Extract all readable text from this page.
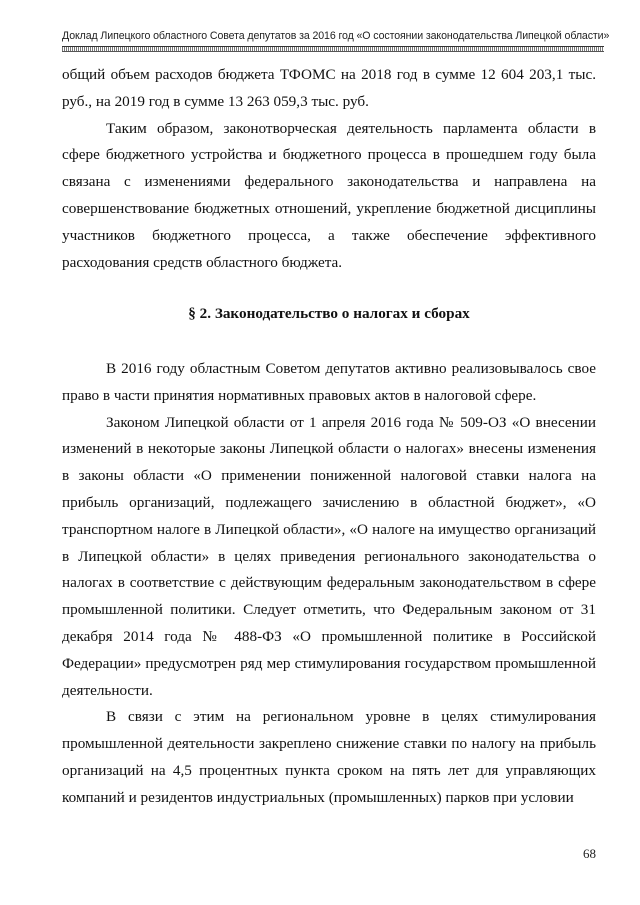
Доклад Липецкого областного Совета депутатов за 2016 год «О состоянии законодательства Липецкой области»

общий объем расходов бюджета ТФОМС на 2018 год в сумме 12 604 203,1 тыс. руб., на 2019 год в сумме 13 263 059,3 тыс. руб.

Таким образом, законотворческая деятельность парламента области в сфере бюджетного устройства и бюджетного процесса в прошедшем году была связана с изменениями федерального законодательства и направлена на совершенствование бюджетных отношений, укрепление бюджетной дисциплины участников бюджетного процесса, а также обеспечение эффективного расходования средств областного бюджета.

§ 2. Законодательство о налогах и сборах

В 2016 году областным Советом депутатов активно реализовывалось свое право в части принятия нормативных правовых актов в налоговой сфере.

Законом Липецкой области от 1 апреля 2016 года № 509-ОЗ «О внесении изменений в некоторые законы Липецкой области о налогах» внесены изменения в законы области «О применении пониженной налоговой ставки налога на прибыль организаций, подлежащего зачислению в областной бюджет», «О транспортном налоге в Липецкой области», «О налоге на имущество организаций в Липецкой области» в целях приведения регионального законодательства о налогах в соответствие с действующим федеральным законодательством в сфере промышленной политики. Следует отметить, что Федеральным законом от 31 декабря 2014 года № 488-ФЗ «О промышленной политике в Российской Федерации» предусмотрен ряд мер стимулирования государством промышленной деятельности.

В связи с этим на региональном уровне в целях стимулирования промышленной деятельности закреплено снижение ставки по налогу на прибыль организаций на 4,5 процентных пункта сроком на пять лет для управляющих компаний и резидентов индустриальных (промышленных) парков при условии

68
